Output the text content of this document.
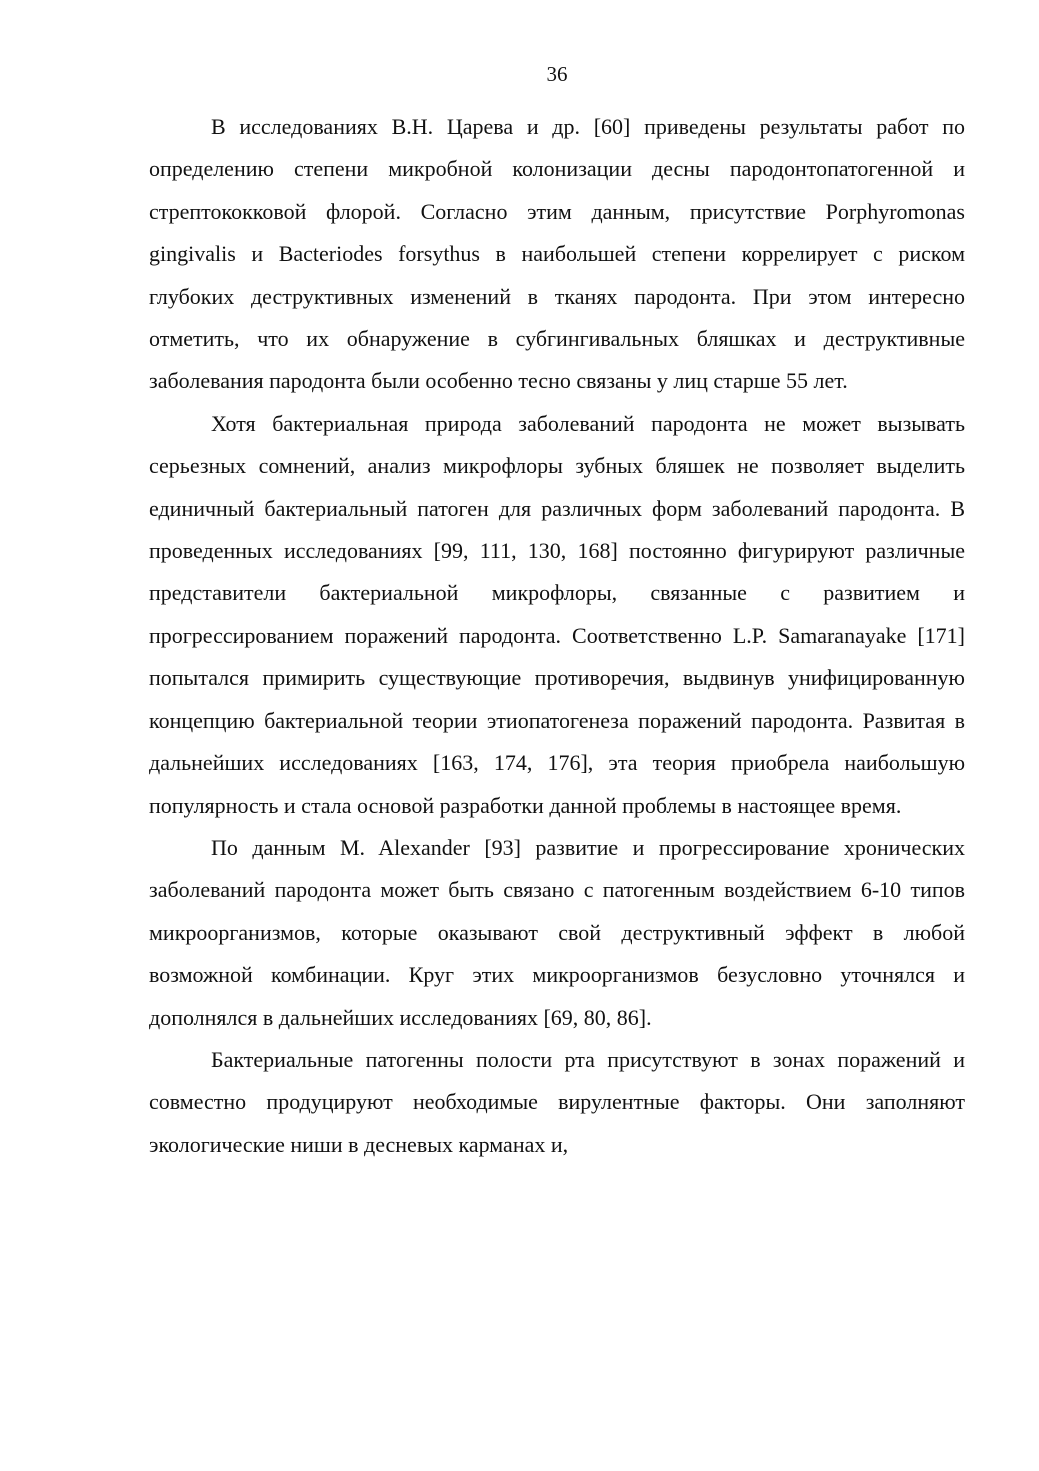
36

В исследованиях В.Н. Царева и др. [60] приведены результаты работ по определению степени микробной колонизации десны пародонтопатогенной и стрептококковой флорой. Согласно этим данным, присутствие Porphyromonas gingivalis и Bacteriodes forsythus в наибольшей степени коррелирует с риском глубоких деструктивных изменений в тканях пародонта. При этом интересно отметить, что их обнаружение в субгингивальных бляшках и деструктивные заболевания пародонта были особенно тесно связаны у лиц старше 55 лет.

Хотя бактериальная природа заболеваний пародонта не может вызывать серьезных сомнений, анализ микрофлоры зубных бляшек не позволяет выделить единичный бактериальный патоген для различных форм заболеваний пародонта. В проведенных исследованиях [99, 111, 130, 168] постоянно фигурируют различные представители бактериальной микрофлоры, связанные с развитием и прогрессированием поражений пародонта. Соответственно L.P. Samaranayake [171] попытался примирить существующие противоречия, выдвинув унифицированную концепцию бактериальной теории этиопатогенеза поражений пародонта. Развитая в дальнейших исследованиях [163, 174, 176], эта теория приобрела наибольшую популярность и стала основой разработки данной проблемы в настоящее время.

По данным M. Alexander [93] развитие и прогрессирование хронических заболеваний пародонта может быть связано с патогенным воздействием 6-10 типов микроорганизмов, которые оказывают свой деструктивный эффект в любой возможной комбинации. Круг этих микроорганизмов безусловно уточнялся и дополнялся в дальнейших исследованиях [69, 80, 86].

Бактериальные патогенны полости рта присутствуют в зонах поражений и совместно продуцируют необходимые вирулентные факторы. Они заполняют экологические ниши в десневых карманах и,
